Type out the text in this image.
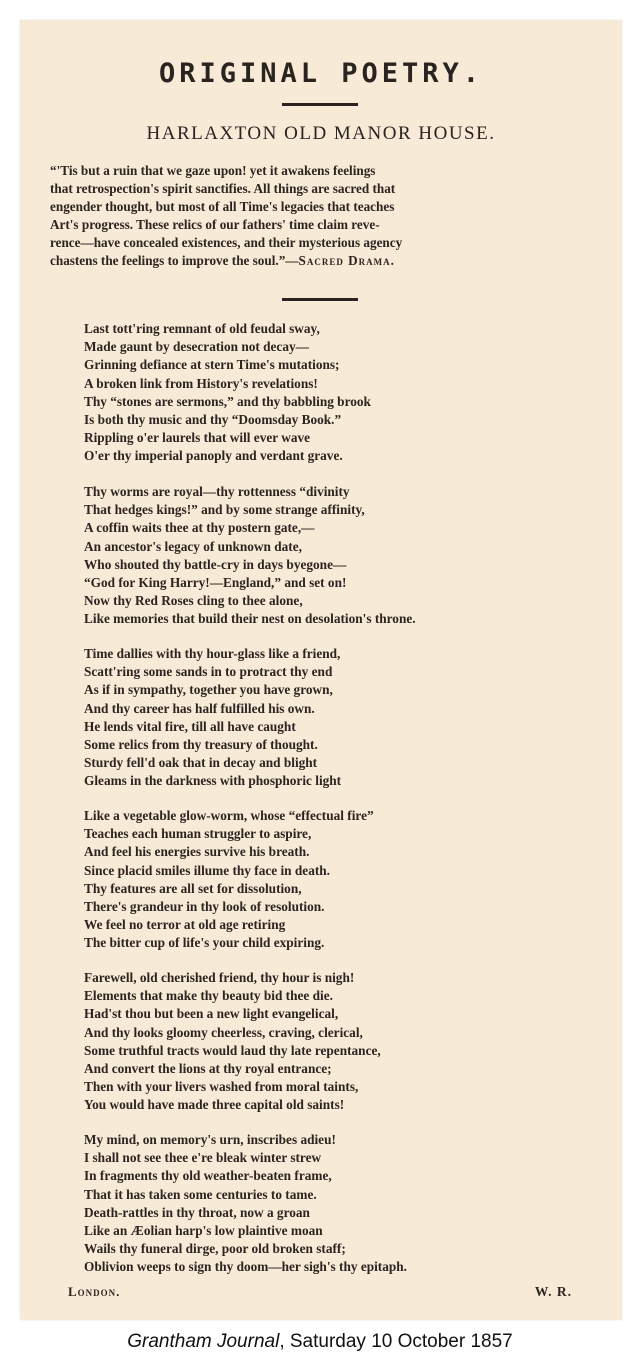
ORIGINAL POETRY.
HARLAXTON OLD MANOR HOUSE.
“'Tis but a ruin that we gaze upon! yet it awakens feelings
that retrospection's spirit sanctifies. All things are sacred that
engender thought, but most of all Time's legacies that teaches
Art's progress. These relics of our fathers' time claim reve-
rence—have concealed existences, and their mysterious agency
chastens the feelings to improve the soul.”—Sacred Drama.
Last tott'ring remnant of old feudal sway,
Made gaunt by desecration not decay—
Grinning defiance at stern Time's mutations;
A broken link from History's revelations!
Thy “stones are sermons,” and thy babbling brook
Is both thy music and thy “Doomsday Book.”
Rippling o'er laurels that will ever wave
O'er thy imperial panoply and verdant grave.
Thy worms are royal—thy rottenness “divinity
That hedges kings!” and by some strange affinity,
A coffin waits thee at thy postern gate,—
An ancestor's legacy of unknown date,
Who shouted thy battle-cry in days byegone—
“God for King Harry!—England,” and set on!
Now thy Red Roses cling to thee alone,
Like memories that build their nest on desolation's throne.
Time dallies with thy hour-glass like a friend,
Scatt'ring some sands in to protract thy end
As if in sympathy, together you have grown,
And thy career has half fulfilled his own.
He lends vital fire, till all have caught
Some relics from thy treasury of thought.
Sturdy fell'd oak that in decay and blight
Gleams in the darkness with phosphoric light
Like a vegetable glow-worm, whose “effectual fire”
Teaches each human struggler to aspire,
And feel his energies survive his breath.
Since placid smiles illume thy face in death.
Thy features are all set for dissolution,
There's grandeur in thy look of resolution.
We feel no terror at old age retiring
The bitter cup of life's your child expiring.
Farewell, old cherished friend, thy hour is nigh!
Elements that make thy beauty bid thee die.
Had'st thou but been a new light evangelical,
And thy looks gloomy cheerless, craving, clerical,
Some truthful tracts would laud thy late repentance,
And convert the lions at thy royal entrance;
Then with your livers washed from moral taints,
You would have made three capital old saints!
My mind, on memory's urn, inscribes adieu!
I shall not see thee e're bleak winter strew
In fragments thy old weather-beaten frame,
That it has taken some centuries to tame.
Death-rattles in thy throat, now a groan
Like an Æolian harp's low plaintive moan
Wails thy funeral dirge, poor old broken staff;
Oblivion weeps to sign thy doom—her sigh's thy epitaph.
London.	W. R.
Grantham Journal, Saturday 10 October 1857
